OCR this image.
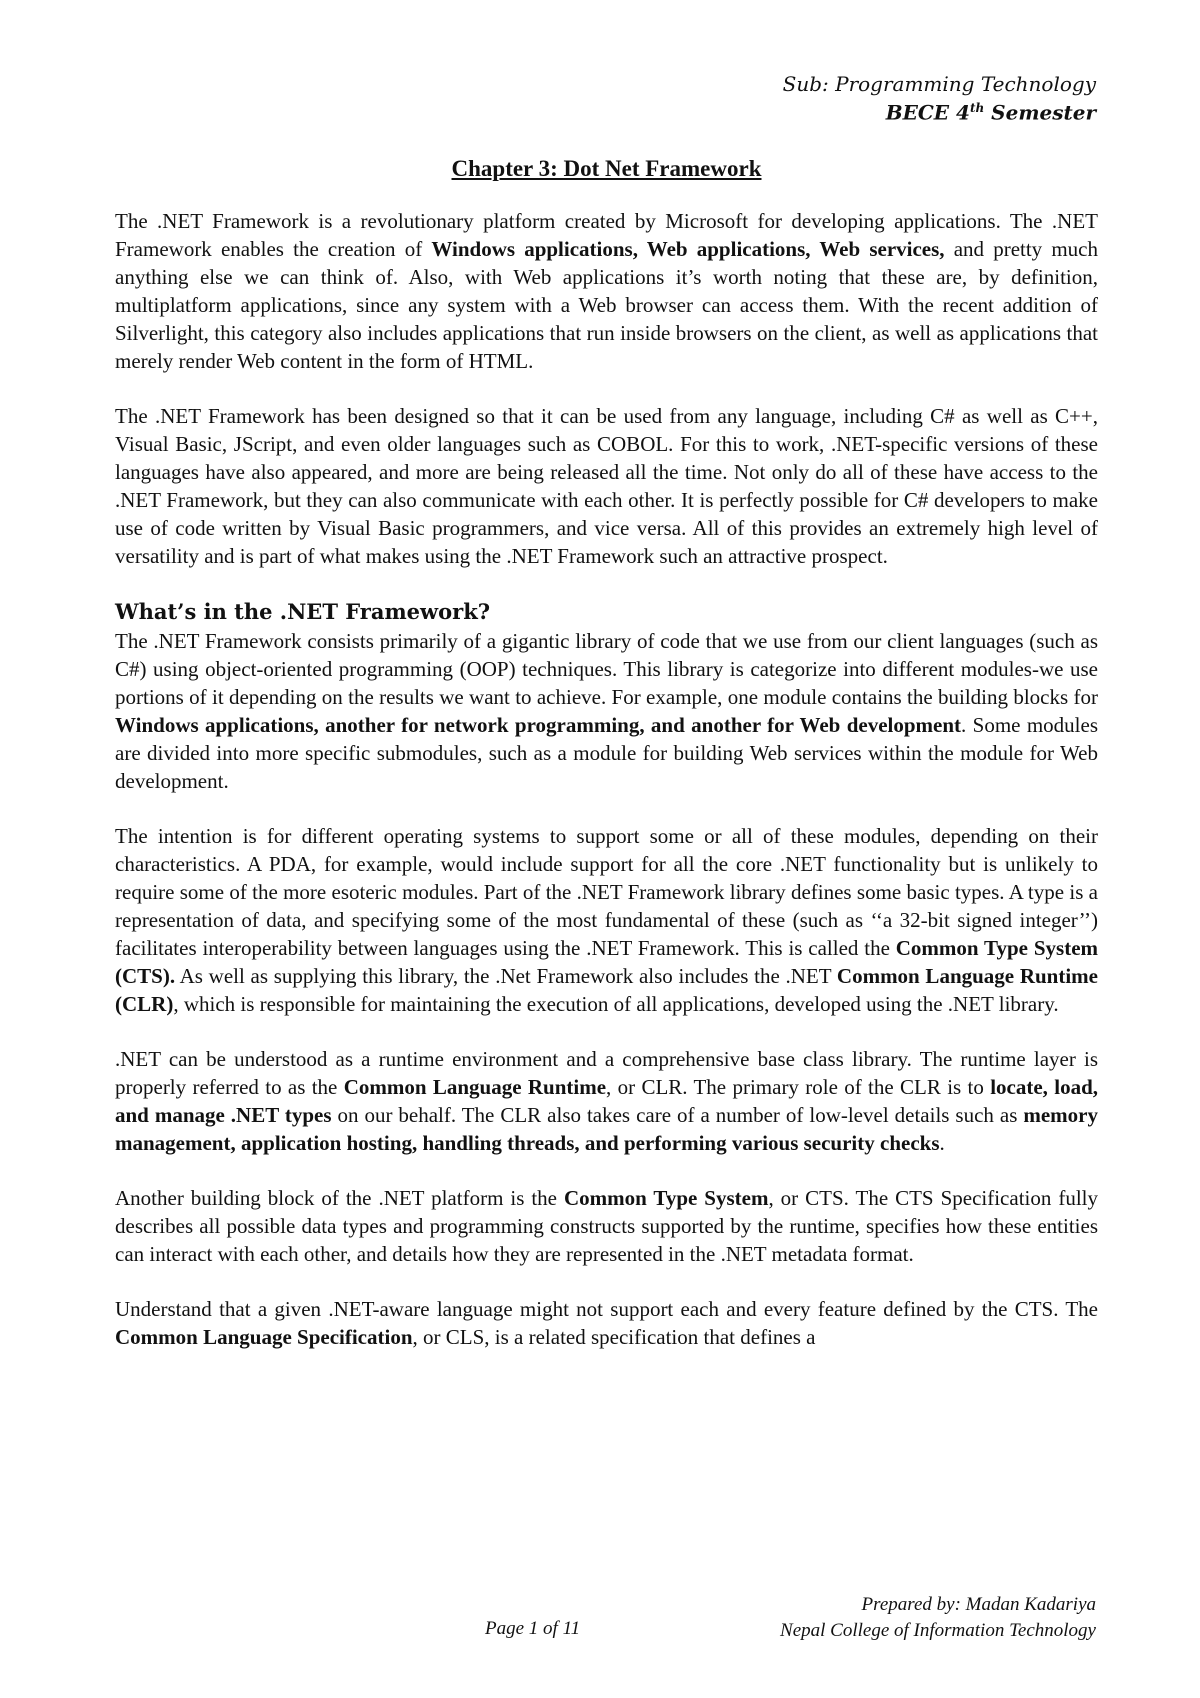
Sub: Programming Technology
BECE 4th Semester
Chapter 3: Dot Net Framework

The .NET Framework is a revolutionary platform created by Microsoft for developing applications. The .NET Framework enables the creation of Windows applications, Web applications, Web services, and pretty much anything else we can think of. Also, with Web applications it’s worth noting that these are, by definition, multiplatform applications, since any system with a Web browser can access them. With the recent addition of Silverlight, this category also includes applications that run inside browsers on the client, as well as applications that merely render Web content in the form of HTML.

The .NET Framework has been designed so that it can be used from any language, including C# as well as C++, Visual Basic, JScript, and even older languages such as COBOL. For this to work, .NET-specific versions of these languages have also appeared, and more are being released all the time. Not only do all of these have access to the .NET Framework, but they can also communicate with each other. It is perfectly possible for C# developers to make use of code written by Visual Basic programmers, and vice versa. All of this provides an extremely high level of versatility and is part of what makes using the .NET Framework such an attractive prospect.

What’s in the .NET Framework?

The .NET Framework consists primarily of a gigantic library of code that we use from our client languages (such as C#) using object-oriented programming (OOP) techniques. This library is categorize into different modules-we use portions of it depending on the results we want to achieve. For example, one module contains the building blocks for Windows applications, another for network programming, and another for Web development. Some modules are divided into more specific submodules, such as a module for building Web services within the module for Web development.

The intention is for different operating systems to support some or all of these modules, depending on their characteristics. A PDA, for example, would include support for all the core .NET functionality but is unlikely to require some of the more esoteric modules. Part of the .NET Framework library defines some basic types. A type is a representation of data, and specifying some of the most fundamental of these (such as ‘‘a 32-bit signed integer’’) facilitates interoperability between languages using the .NET Framework. This is called the Common Type System (CTS). As well as supplying this library, the .Net Framework also includes the .NET Common Language Runtime (CLR), which is responsible for maintaining the execution of all applications, developed using the .NET library.

.NET can be understood as a runtime environment and a comprehensive base class library. The runtime layer is properly referred to as the Common Language Runtime, or CLR. The primary role of the CLR is to locate, load, and manage .NET types on our behalf. The CLR also takes care of a number of low-level details such as memory management, application hosting, handling threads, and performing various security checks.

Another building block of the .NET platform is the Common Type System, or CTS. The CTS Specification fully describes all possible data types and programming constructs supported by the runtime, specifies how these entities can interact with each other, and details how they are represented in the .NET metadata format.

Understand that a given .NET-aware language might not support each and every feature defined by the CTS. The Common Language Specification, or CLS, is a related specification that defines a

Page 1 of 11
Prepared by: Madan Kadariya
Nepal College of Information Technology
